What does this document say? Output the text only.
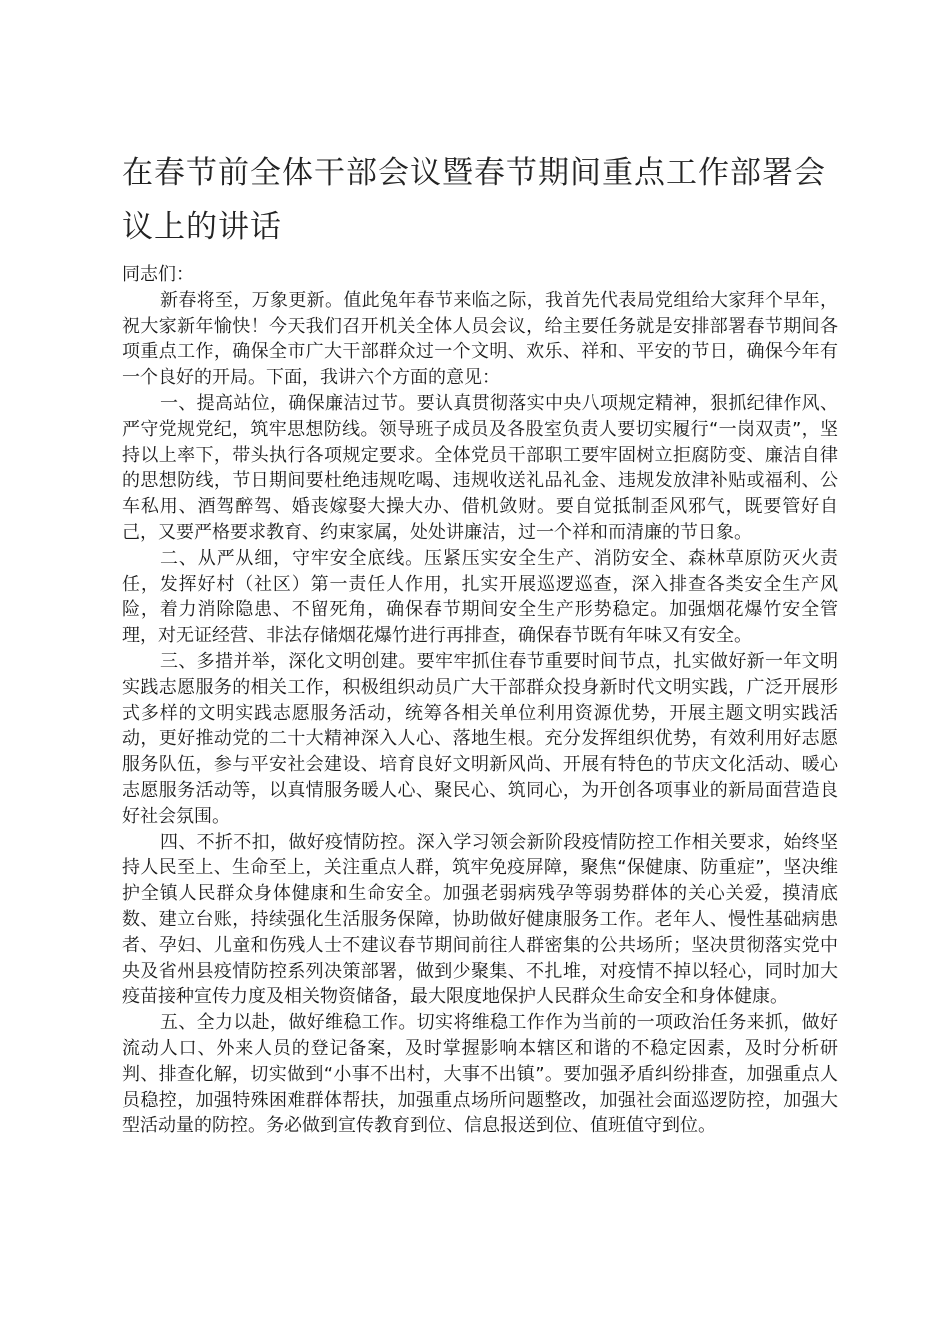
在春节前全体干部会议暨春节期间重点工作部署会议上的讲话

同志们：

新春将至，万象更新。值此兔年春节来临之际，我首先代表局党组给大家拜个早年，祝大家新年愉快！今天我们召开机关全体人员会议，给主要任务就是安排部署春节期间各项重点工作，确保全市广大干部群众过一个文明、欢乐、祥和、平安的节日，确保今年有一个良好的开局。下面，我讲六个方面的意见：

一、提高站位，确保廉洁过节。要认真贯彻落实中央八项规定精神，狠抓纪律作风、严守党规党纪，筑牢思想防线。领导班子成员及各股室负责人要切实履行“一岗双责”，坚持以上率下，带头执行各项规定要求。全体党员干部职工要牢固树立拒腐防变、廉洁自律的思想防线，节日期间要杜绝违规吃喝、违规收送礼品礼金、违规发放津补贴或福利、公车私用、酒驾醉驾、婚丧嫁娶大操大办、借机敛财。要自觉抵制歪风邪气，既要管好自己，又要严格要求教育、约束家属，处处讲廉洁，过一个祥和而清廉的节日象。

二、从严从细，守牢安全底线。压紧压实安全生产、消防安全、森林草原防灭火责任，发挥好村（社区）第一责任人作用，扎实开展巡逻巡查，深入排查各类安全生产风险，着力消除隐患、不留死角，确保春节期间安全生产形势稳定。加强烟花爆竹安全管理，对无证经营、非法存储烟花爆竹进行再排查，确保春节既有年味又有安全。

三、多措并举，深化文明创建。要牢牢抓住春节重要时间节点，扎实做好新一年文明实践志愿服务的相关工作，积极组织动员广大干部群众投身新时代文明实践，广泛开展形式多样的文明实践志愿服务活动，统筹各相关单位利用资源优势，开展主题文明实践活动，更好推动党的二十大精神深入人心、落地生根。充分发挥组织优势，有效利用好志愿服务队伍，参与平安社会建设、培育良好文明新风尚、开展有特色的节庆文化活动、暖心志愿服务活动等，以真情服务暖人心、聚民心、筑同心，为开创各项事业的新局面营造良好社会氛围。

四、不折不扣，做好疫情防控。深入学习领会新阶段疫情防控工作相关要求，始终坚持人民至上、生命至上，关注重点人群，筑牢免疫屏障，聚焦“保健康、防重症”，坚决维护全镇人民群众身体健康和生命安全。加强老弱病残孕等弱势群体的关心关爱，摸清底数、建立台账，持续强化生活服务保障，协助做好健康服务工作。老年人、慢性基础病患者、孕妇、儿童和伤残人士不建议春节期间前往人群密集的公共场所；坚决贯彻落实党中央及省州县疫情防控系列决策部署，做到少聚集、不扎堆，对疫情不掉以轻心，同时加大疫苗接种宣传力度及相关物资储备，最大限度地保护人民群众生命安全和身体健康。

五、全力以赴，做好维稳工作。切实将维稳工作作为当前的一项政治任务来抓，做好流动人口、外来人员的登记备案，及时掌握影响本辖区和谐的不稳定因素，及时分析研判、排查化解，切实做到“小事不出村，大事不出镇”。要加强矛盾纠纷排查，加强重点人员稳控，加强特殊困难群体帮扶，加强重点场所问题整改，加强社会面巡逻防控，加强大型活动量的防控。务必做到宣传教育到位、信息报送到位、值班值守到位。
